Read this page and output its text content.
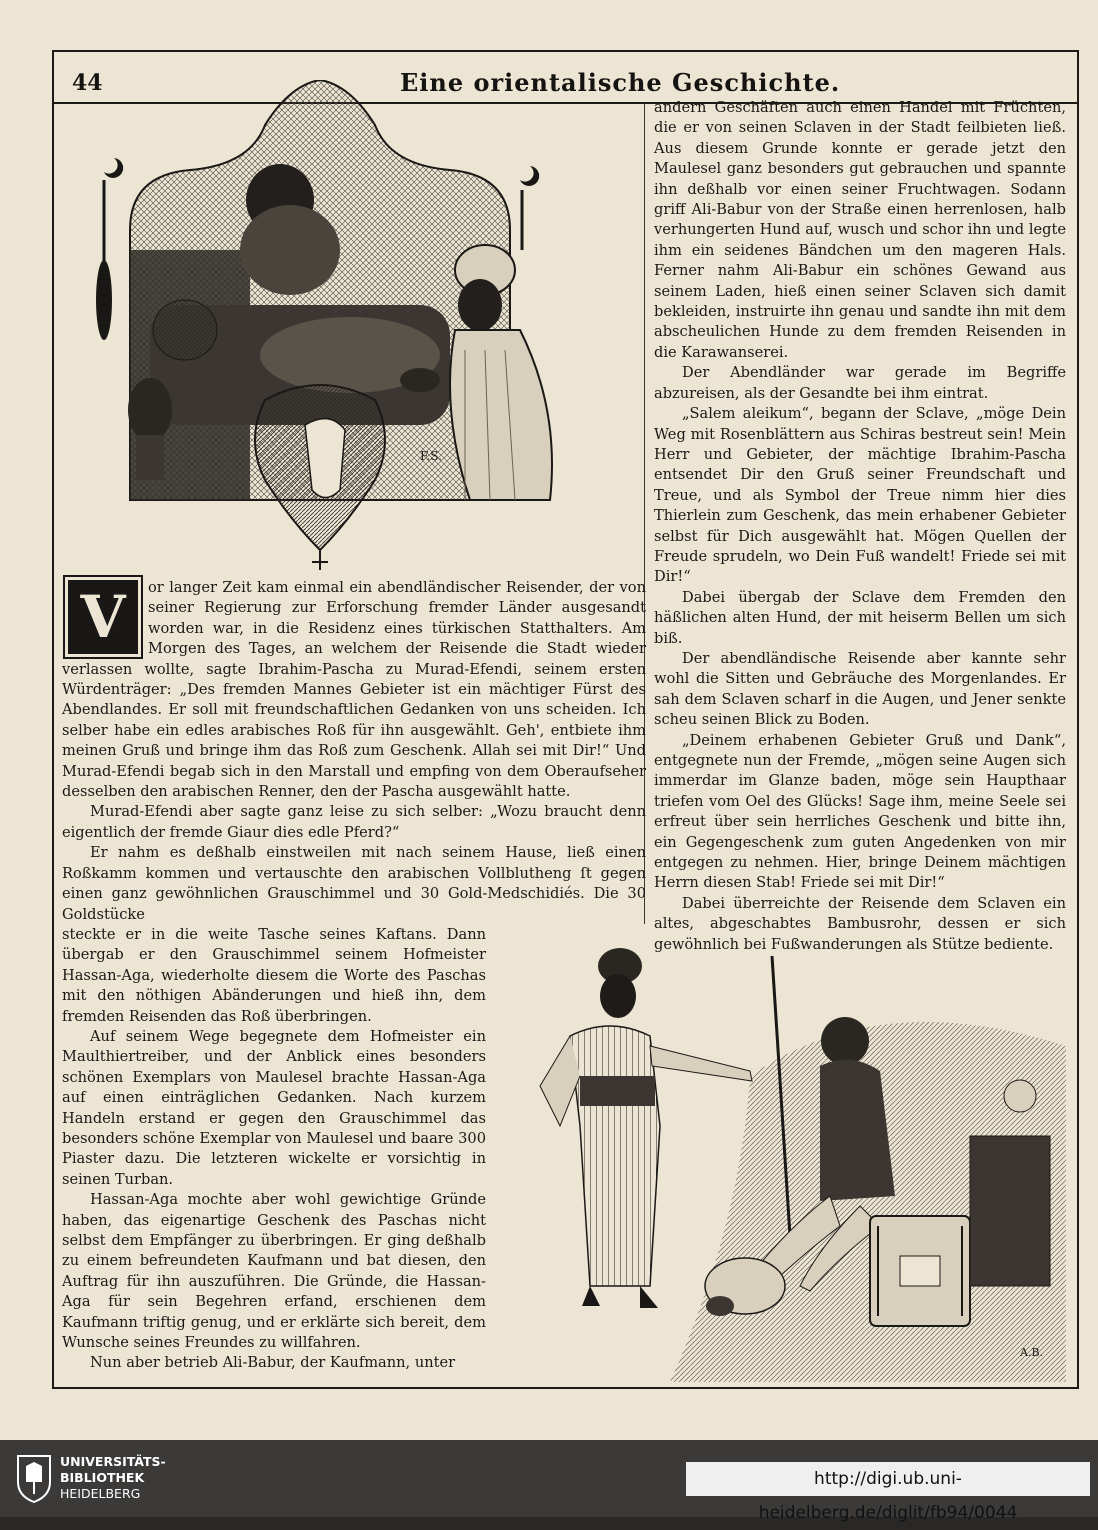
44	Eine orientalische Geschichte.
F.S.

V	or langer Zeit kam einmal ein abendländischer Reisender, der von seiner Regierung zur Erforschung fremder Länder ausgesandt worden war, in die Residenz eines türkischen Statthalters. Am Morgen des Tages, an welchem der Reisende die Stadt wieder verlassen wollte, sagte Ibrahim-Pascha zu Murad-Efendi, seinem ersten Würdenträger: „Des fremden Mannes Gebieter ist ein mächtiger Fürst des Abendlandes. Er soll mit freundschaftlichen Gedanken von uns scheiden. Ich selber habe ein edles arabisches Roß für ihn ausgewählt. Geh', entbiete ihm meinen Gruß und bringe ihm das Roß zum Geschenk. Allah sei mit Dir!“ Und Murad-Efendi begab sich in den Marstall und empfing von dem Oberaufseher desselben den arabischen Renner, den der Pascha ausgewählt hatte.

Murad-Efendi aber sagte ganz leise zu sich selber: „Wozu braucht denn eigentlich der fremde Giaur dies edle Pferd?“

Er nahm es deßhalb einstweilen mit nach seinem Hause, ließ einen Roßkamm kommen und vertauschte den arabischen Vollblutheng ſt gegen einen ganz gewöhnlichen Grauschimmel und 30 Gold-Medschidiés. Die 30 Goldstücke

steckte er in die weite Tasche seines Kaftans. Dann übergab er den Grauschimmel seinem Hofmeister Hassan-Aga, wiederholte diesem die Worte des Paschas mit den nöthigen Abänderungen und hieß ihn, dem fremden Reisenden das Roß überbringen.

Auf seinem Wege begegnete dem Hofmeister ein Maulthiertreiber, und der Anblick eines besonders schönen Exemplars von Maulesel brachte Hassan-Aga auf einen einträglichen Gedanken. Nach kurzem Handeln erstand er gegen den Grauschimmel das besonders schöne Exemplar von Maulesel und baare 300 Piaster dazu. Die letzteren wickelte er vorsichtig in seinen Turban.

Hassan-Aga mochte aber wohl gewichtige Gründe haben, das eigenartige Geschenk des Paschas nicht selbst dem Empfänger zu überbringen. Er ging deßhalb zu einem befreundeten Kaufmann und bat diesen, den Auftrag für ihn auszuführen. Die Gründe, die Hassan-Aga für sein Begehren erfand, erschienen dem Kaufmann triftig genug, und er erklärte sich bereit, dem Wunsche seines Freundes zu willfahren.

Nun aber betrieb Ali-Babur, der Kaufmann, unter

andern Geschäften auch einen Handel mit Früchten, die er von seinen Sclaven in der Stadt feilbieten ließ. Aus diesem Grunde konnte er gerade jetzt den Maulesel ganz besonders gut gebrauchen und spannte ihn deßhalb vor einen seiner Fruchtwagen. Sodann griff Ali-Babur von der Straße einen herrenlosen, halb verhungerten Hund auf, wusch und schor ihn und legte ihm ein seidenes Bändchen um den mageren Hals. Ferner nahm Ali-Babur ein schönes Gewand aus seinem Laden, hieß einen seiner Sclaven sich damit bekleiden, instruirte ihn genau und sandte ihn mit dem abscheulichen Hunde zu dem fremden Reisenden in die Karawanserei.

Der Abendländer war gerade im Begriffe abzureisen, als der Gesandte bei ihm eintrat.

„Salem aleikum“, begann der Sclave, „möge Dein Weg mit Rosenblättern aus Schiras bestreut sein! Mein Herr und Gebieter, der mächtige Ibrahim-Pascha entsendet Dir den Gruß seiner Freundschaft und Treue, und als Symbol der Treue nimm hier dies Thierlein zum Geschenk, das mein erhabener Gebieter selbst für Dich ausgewählt hat. Mögen Quellen der Freude sprudeln, wo Dein Fuß wandelt! Friede sei mit Dir!“

Dabei übergab der Sclave dem Fremden den häßlichen alten Hund, der mit heiserm Bellen um sich biß.

Der abendländische Reisende aber kannte sehr wohl die Sitten und Gebräuche des Morgenlandes. Er sah dem Sclaven scharf in die Augen, und Jener senkte scheu seinen Blick zu Boden.

„Deinem erhabenen Gebieter Gruß und Dank“, entgegnete nun der Fremde, „mögen seine Augen sich immerdar im Glanze baden, möge sein Haupthaar triefen vom Oel des Glücks! Sage ihm, meine Seele sei erfreut über sein herrliches Geschenk und bitte ihn, ein Gegengeschenk zum guten Angedenken von mir entgegen zu nehmen. Hier, bringe Deinem mächtigen Herrn diesen Stab! Friede sei mit Dir!“

Dabei überreichte der Reisende dem Sclaven ein altes, abgeschabtes Bambusrohr, dessen er sich gewöhnlich bei Fußwanderungen als Stütze bediente.

A.B.
UNIVERSITÄTS-
BIBLIOTHEK
HEIDELBERG
http://digi.ub.uni-heidelberg.de/diglit/fb94/0044
